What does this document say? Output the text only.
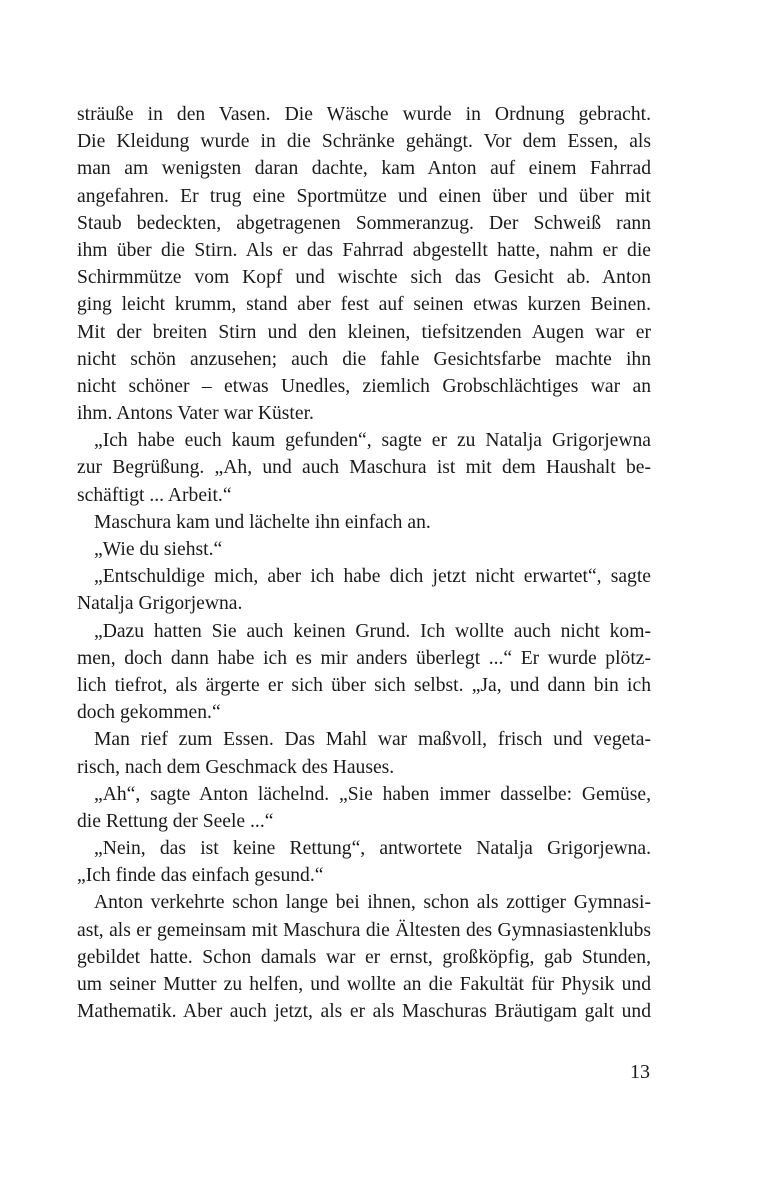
sträuße in den Vasen. Die Wäsche wurde in Ordnung gebracht.
Die Kleidung wurde in die Schränke gehängt. Vor dem Essen, als
man am wenigsten daran dachte, kam Anton auf einem Fahrrad
angefahren. Er trug eine Sportmütze und einen über und über mit
Staub bedeckten, abgetragenen Sommeranzug. Der Schweiß rann
ihm über die Stirn. Als er das Fahrrad abgestellt hatte, nahm er die
Schirmmütze vom Kopf und wischte sich das Gesicht ab. Anton
ging leicht krumm, stand aber fest auf seinen etwas kurzen Beinen.
Mit der breiten Stirn und den kleinen, tiefsitzenden Augen war er
nicht schön anzusehen; auch die fahle Gesichtsfarbe machte ihn
nicht schöner – etwas Unedles, ziemlich Grobschlächtiges war an
ihm. Antons Vater war Küster.
„Ich habe euch kaum gefunden“, sagte er zu Natalja Grigorjewna
zur Begrüßung. „Ah, und auch Maschura ist mit dem Haushalt be-
schäftigt ... Arbeit.“
Maschura kam und lächelte ihn einfach an.
„Wie du siehst.“
„Entschuldige mich, aber ich habe dich jetzt nicht erwartet“, sagte
Natalja Grigorjewna.
„Dazu hatten Sie auch keinen Grund. Ich wollte auch nicht kom-
men, doch dann habe ich es mir anders überlegt ...“ Er wurde plötz-
lich tiefrot, als ärgerte er sich über sich selbst. „Ja, und dann bin ich
doch gekommen.“
Man rief zum Essen. Das Mahl war maßvoll, frisch und vegeta-
risch, nach dem Geschmack des Hauses.
„Ah“, sagte Anton lächelnd. „Sie haben immer dasselbe: Gemüse,
die Rettung der Seele ...“
„Nein, das ist keine Rettung“, antwortete Natalja Grigorjewna.
„Ich finde das einfach gesund.“
Anton verkehrte schon lange bei ihnen, schon als zottiger Gymnasi-
ast, als er gemeinsam mit Maschura die Ältesten des Gymnasiastenklubs
gebildet hatte. Schon damals war er ernst, großköpfig, gab Stunden,
um seiner Mutter zu helfen, und wollte an die Fakultät für Physik und
Mathematik. Aber auch jetzt, als er als Maschuras Bräutigam galt und
13
